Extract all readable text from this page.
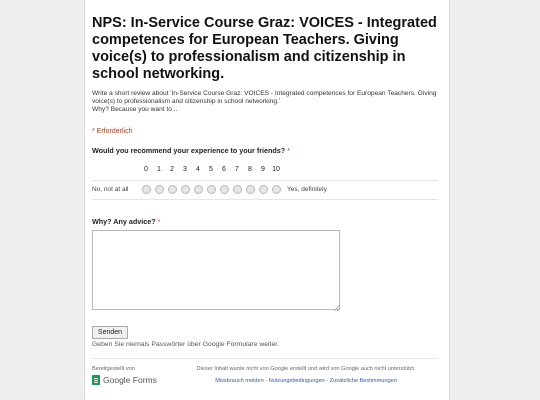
NPS: In-Service Course Graz: VOICES - Integrated competences for European Teachers. Giving voice(s) to professionalism and citizenship in school networking.
Write a short review about 'In-Service Course Graz: VOICES - Integrated competences for European Teachers. Giving voice(s) to professionalism and citizenship in school networking.'
Why? Because you want to ..
* Erforderlich
Would you recommend your experience to your friends? *
0	1	2	3	4	5	6	7	8	9	10
No, not at all	Yes, definitely
Why? Any advice? *
Senden
Geben Sie niemals Passwörter über Google Formulare weiter.
Bereitgestellt von
Google Forms
Dieser Inhalt wurde nicht von Google erstellt und wird von Google auch nicht unterstützt.
Missbrauch melden - Nutzungsbedingungen - Zusätzliche Bestimmungen
